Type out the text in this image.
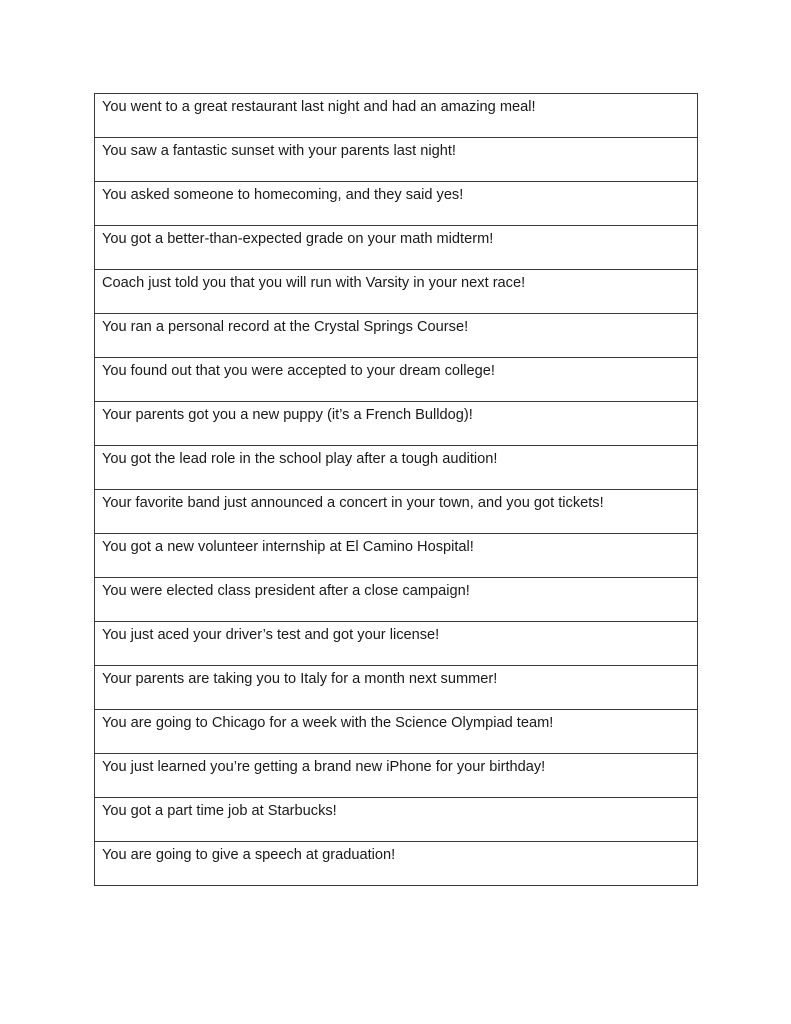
You went to a great restaurant last night and had an amazing meal!
You saw a fantastic sunset with your parents last night!
You asked someone to homecoming, and they said yes!
You got a better-than-expected grade on your math midterm!
Coach just told you that you will run with Varsity in your next race!
You ran a personal record at the Crystal Springs Course!
You found out that you were accepted to your dream college!
Your parents got you a new puppy (it’s a French Bulldog)!
You got the lead role in the school play after a tough audition!
Your favorite band just announced a concert in your town, and you got tickets!
You got a new volunteer internship at El Camino Hospital!
You were elected class president after a close campaign!
You just aced your driver’s test and got your license!
Your parents are taking you to Italy for a month next summer!
You are going to Chicago for a week with the Science Olympiad team!
You just learned you’re getting a brand new iPhone for your birthday!
You got a part time job at Starbucks!
You are going to give a speech at graduation!
